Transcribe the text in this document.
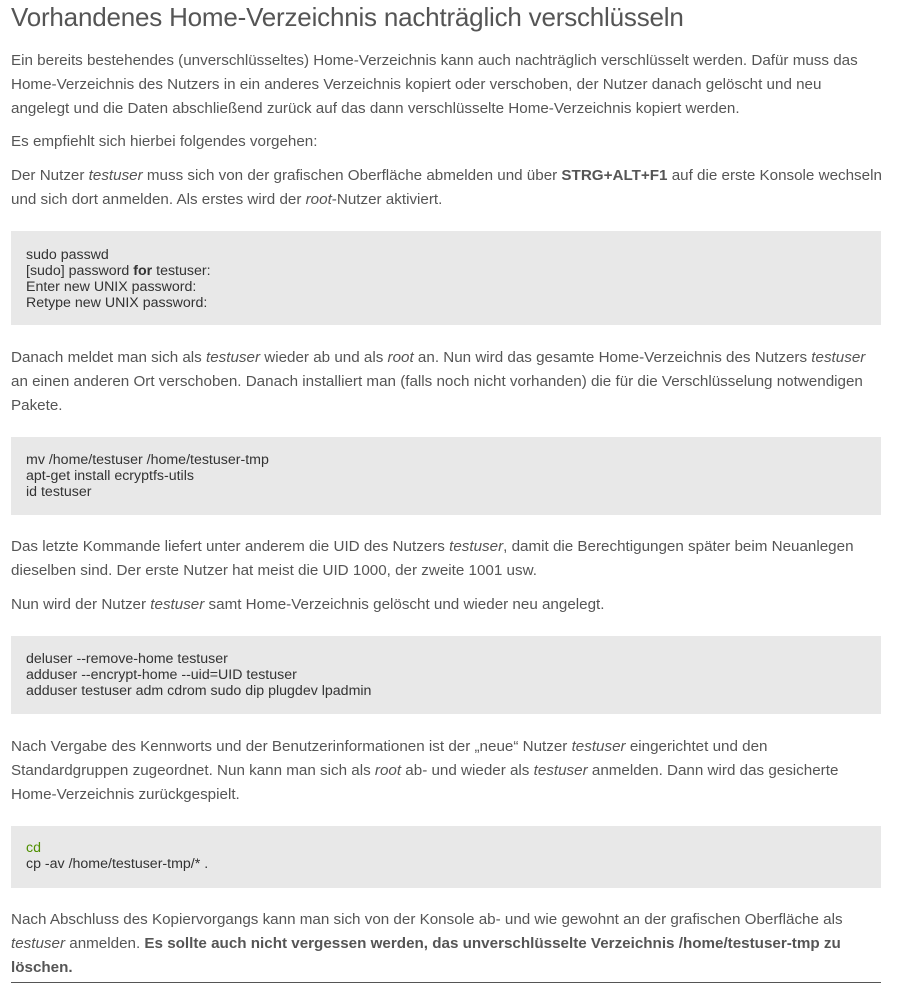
Vorhandenes Home-Verzeichnis nachträglich verschlüsseln
Ein bereits bestehendes (unverschlüsseltes) Home-Verzeichnis kann auch nachträglich verschlüsselt werden. Dafür muss das Home-Verzeichnis des Nutzers in ein anderes Verzeichnis kopiert oder verschoben, der Nutzer danach gelöscht und neu angelegt und die Daten abschließend zurück auf das dann verschlüsselte Home-Verzeichnis kopiert werden.
Es empfiehlt sich hierbei folgendes vorgehen:
Der Nutzer testuser muss sich von der grafischen Oberfläche abmelden und über STRG+ALT+F1 auf die erste Konsole wechseln und sich dort anmelden. Als erstes wird der root-Nutzer aktiviert.
sudo passwd
[sudo] password for testuser:
Enter new UNIX password:
Retype new UNIX password:
Danach meldet man sich als testuser wieder ab und als root an. Nun wird das gesamte Home-Verzeichnis des Nutzers testuser an einen anderen Ort verschoben. Danach installiert man (falls noch nicht vorhanden) die für die Verschlüsselung notwendigen Pakete.
mv /home/testuser /home/testuser-tmp
apt-get install ecryptfs-utils
id testuser
Das letzte Kommande liefert unter anderem die UID des Nutzers testuser, damit die Berechtigungen später beim Neuanlegen dieselben sind. Der erste Nutzer hat meist die UID 1000, der zweite 1001 usw.
Nun wird der Nutzer testuser samt Home-Verzeichnis gelöscht und wieder neu angelegt.
deluser --remove-home testuser
adduser --encrypt-home --uid=UID testuser
adduser testuser adm cdrom sudo dip plugdev lpadmin
Nach Vergabe des Kennworts und der Benutzerinformationen ist der „neue“ Nutzer testuser eingerichtet und den Standardgruppen zugeordnet. Nun kann man sich als root ab- und wieder als testuser anmelden. Dann wird das gesicherte Home-Verzeichnis zurückgespielt.
cd
cp -av /home/testuser-tmp/* .
Nach Abschluss des Kopiervorgangs kann man sich von der Konsole ab- und wie gewohnt an der grafischen Oberfläche als testuser anmelden. Es sollte auch nicht vergessen werden, das unverschlüsselte Verzeichnis /home/testuser-tmp zu löschen.
